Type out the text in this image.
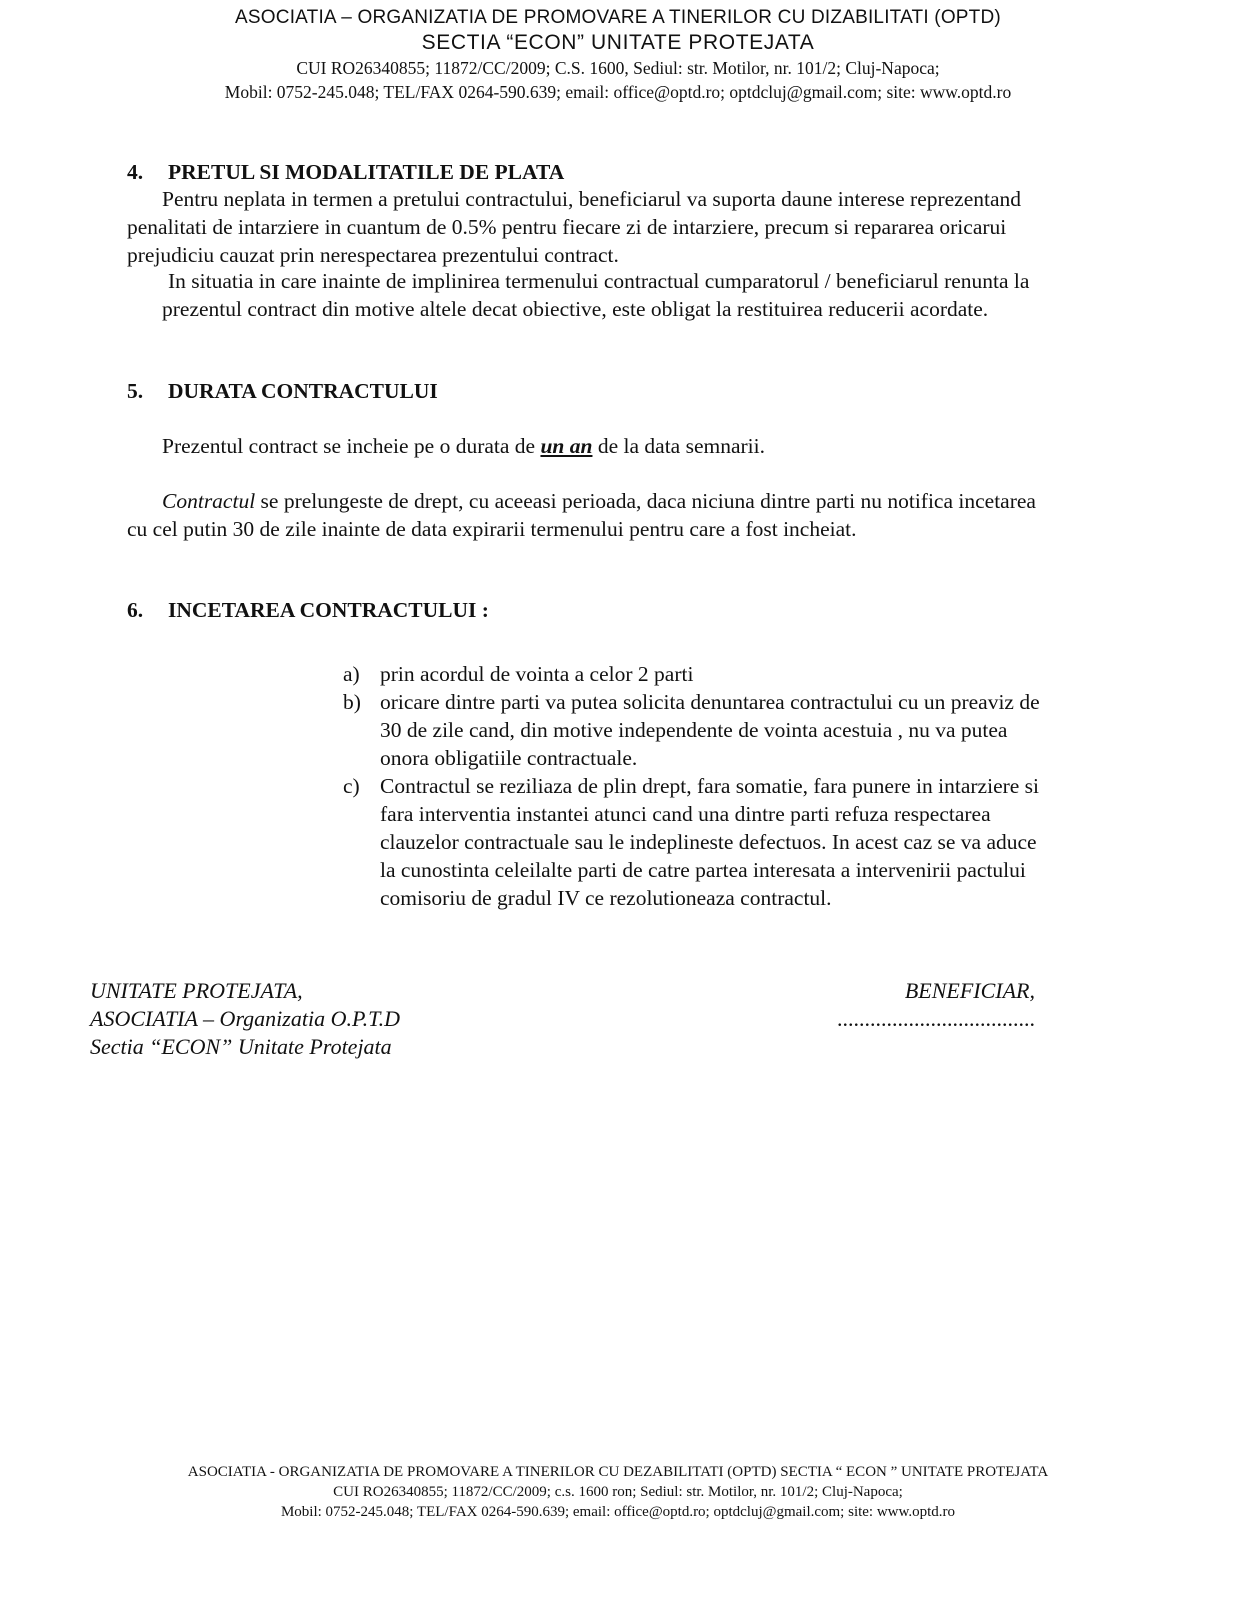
ASOCIATIA – ORGANIZATIA DE PROMOVARE A TINERILOR CU DIZABILITATI (OPTD)
SECTIA “ECON” UNITATE PROTEJATA
CUI RO26340855; 11872/CC/2009; C.S. 1600, Sediul: str. Motilor, nr. 101/2; Cluj-Napoca;
Mobil: 0752-245.048; TEL/FAX 0264-590.639; email: office@optd.ro; optdcluj@gmail.com; site: www.optd.ro
4. PRETUL SI MODALITATILE DE PLATA
Pentru neplata in termen a pretului contractului, beneficiarul va suporta daune interese reprezentand penalitati de intarziere in cuantum de 0.5% pentru fiecare zi de intarziere, precum si repararea oricarui prejudiciu cauzat prin nerespectarea prezentului contract.
In situatia in care inainte de implinirea termenului contractual cumparatorul / beneficiarul renunta la prezentul contract din motive altele decat obiective, este obligat la restituirea reducerii acordate.
5. DURATA CONTRACTULUI
Prezentul contract se incheie pe o durata de un an de la data semnarii.
Contractul se prelungeste de drept, cu aceeasi perioada, daca niciuna dintre parti nu notifica incetarea cu cel putin 30 de zile inainte de data expirarii termenului pentru care a fost incheiat.
6. INCETAREA CONTRACTULUI :
a) prin acordul de vointa a celor 2 parti
b) oricare dintre parti va putea solicita denuntarea contractului cu un preaviz de 30 de zile cand, din motive independente de vointa acestuia , nu va putea onora obligatiile contractuale.
c) Contractul se reziliaza de plin drept, fara somatie, fara punere in intarziere si fara interventia instantei atunci cand una dintre parti refuza respectarea clauzelor contractuale sau le indeplineste defectuos. In acest caz se va aduce la cunostinta celeilalte parti de catre partea interesata a intervenirii pactului comisoriu de gradul IV ce rezolutioneaza contractul.
UNITATE PROTEJATA,
ASOCIATIA – Organizatia O.P.T.D
Sectia “ECON” Unitate Protejata
BENEFICIAR,
....................................
ASOCIATIA - ORGANIZATIA DE PROMOVARE A TINERILOR CU DEZABILITATI (OPTD) SECTIA “ ECON ” UNITATE PROTEJATA
CUI RO26340855; 11872/CC/2009; c.s. 1600 ron; Sediul: str. Motilor, nr. 101/2; Cluj-Napoca;
Mobil: 0752-245.048; TEL/FAX 0264-590.639; email: office@optd.ro; optdcluj@gmail.com; site: www.optd.ro
